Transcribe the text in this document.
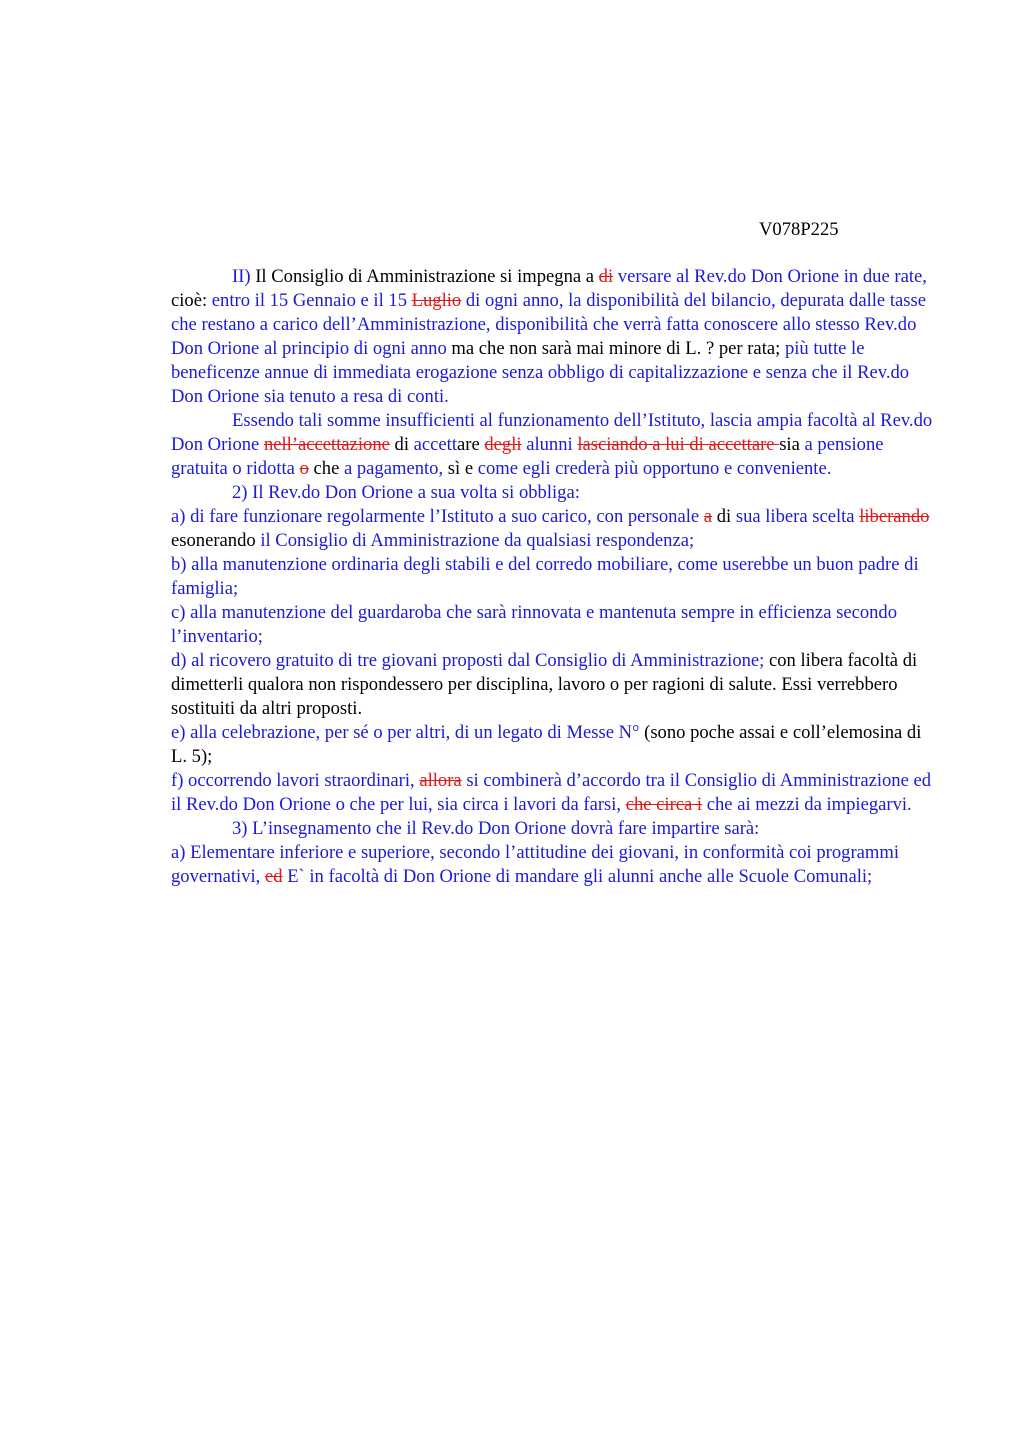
V078P225

II) Il Consiglio di Amministrazione si impegna a di versare al Rev.do Don Orione in due rate, cioè: entro il 15 Gennaio e il 15 Luglio di ogni anno, la disponibilità del bilancio, depurata dalle tasse che restano a carico dell’Amministrazione, disponibilità che verrà fatta conoscere allo stesso Rev.do Don Orione al principio di ogni anno ma che non sarà mai minore di L. ? per rata; più tutte le beneficenze annue di immediata erogazione senza obbligo di capitalizzazione e senza che il Rev.do Don Orione sia tenuto a resa di conti.

Essendo tali somme insufficienti al funzionamento dell’Istituto, lascia ampia facoltà al Rev.do Don Orione nell’accettazione di accettare degli alunni lasciando a lui di accettare sia a pensione gratuita o ridotta o che a pagamento, sì e come egli crederà più opportuno e conveniente.

2) Il Rev.do Don Orione a sua volta si obbliga:

a) di fare funzionare regolarmente l’Istituto a suo carico, con personale a di sua libera scelta liberando esonerando il Consiglio di Amministrazione da qualsiasi respondenza;

b) alla manutenzione ordinaria degli stabili e del corredo mobiliare, come userebbe un buon padre di famiglia;

c) alla manutenzione del guardaroba che sarà rinnovata e mantenuta sempre in efficienza secondo l’inventario;

d) al ricovero gratuito di tre giovani proposti dal Consiglio di Amministrazione; con libera facoltà di dimetterli qualora non rispondessero per disciplina, lavoro o per ragioni di salute. Essi verrebbero sostituiti da altri proposti.

e) alla celebrazione, per sé o per altri, di un legato di Messe N° (sono poche assai e coll’elemosina di L. 5);

f) occorrendo lavori straordinari, allora si combinerà d’accordo tra il Consiglio di Amministrazione ed il Rev.do Don Orione o che per lui, sia circa i lavori da farsi, che circa i che ai mezzi da impiegarvi.

3) L’insegnamento che il Rev.do Don Orione dovrà fare impartire sarà:

a) Elementare inferiore e superiore, secondo l’attitudine dei giovani, in conformità coi programmi governativi, ed E` in facoltà di Don Orione di mandare gli alunni anche alle Scuole Comunali;
